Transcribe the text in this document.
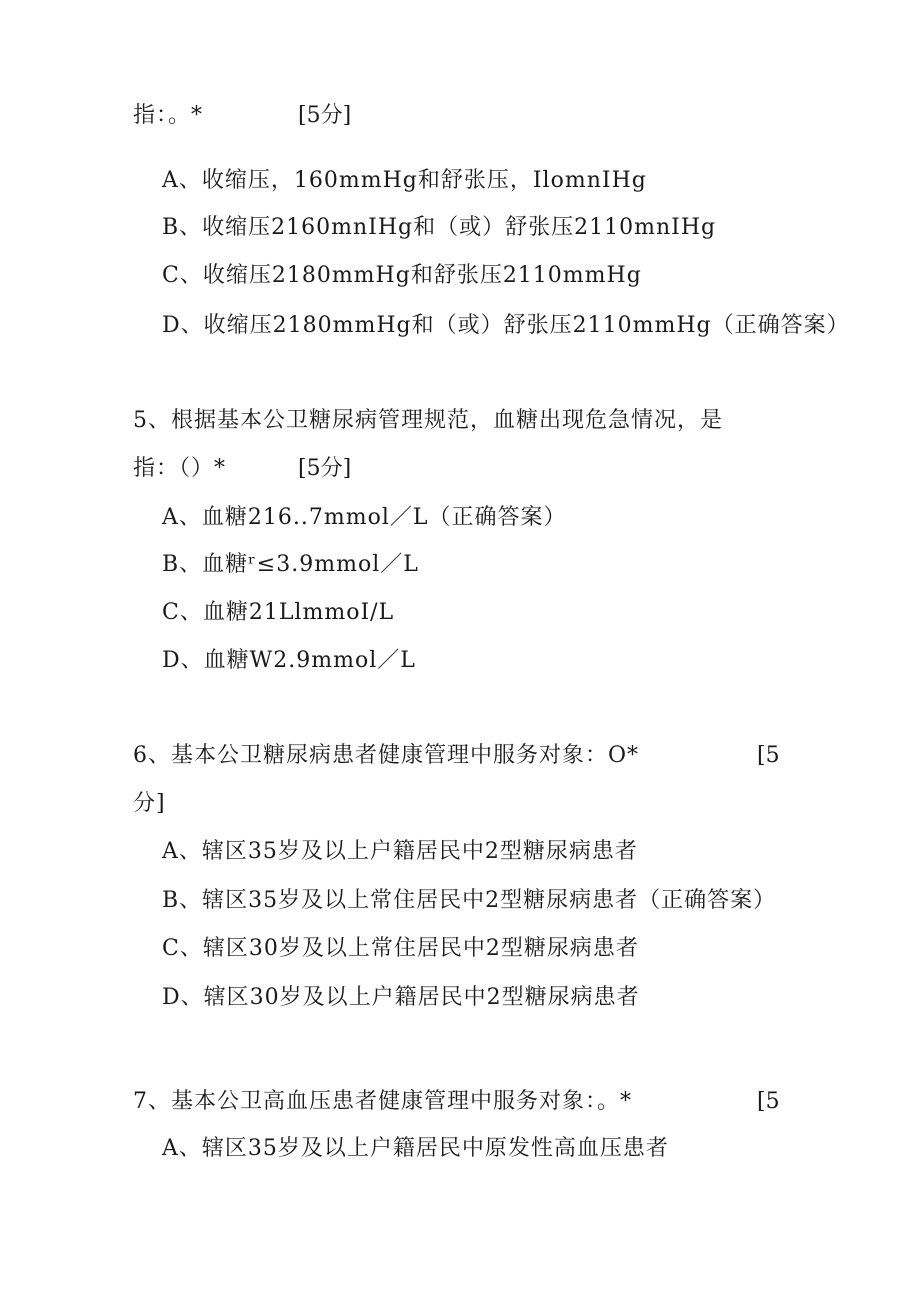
指：。*	[5分]
A、收缩压，160mmHg和舒张压，IlomnIHg
B、收缩压2160mnIHg和（或）舒张压2110mnIHg
C、收缩压2180mmHg和舒张压2110mmHg
D、收缩压2180mmHg和（或）舒张压2110mmHg（正确答案）
5、根据基本公卫糖尿病管理规范，血糖出现危急情况，是
指：（）*	[5分]
A、血糖216..7mmol／L（正确答案）
B、血糖ʳ≤3.9mmol／L
C、血糖21LlmmoI/L
D、血糖W2.9mmol／L
6、基本公卫糖尿病患者健康管理中服务对象：O*	[5
分]
A、辖区35岁及以上户籍居民中2型糖尿病患者
B、辖区35岁及以上常住居民中2型糖尿病患者（正确答案）
C、辖区30岁及以上常住居民中2型糖尿病患者
D、辖区30岁及以上户籍居民中2型糖尿病患者
7、基本公卫高血压患者健康管理中服务对象：。*	[5
A、辖区35岁及以上户籍居民中原发性高血压患者
